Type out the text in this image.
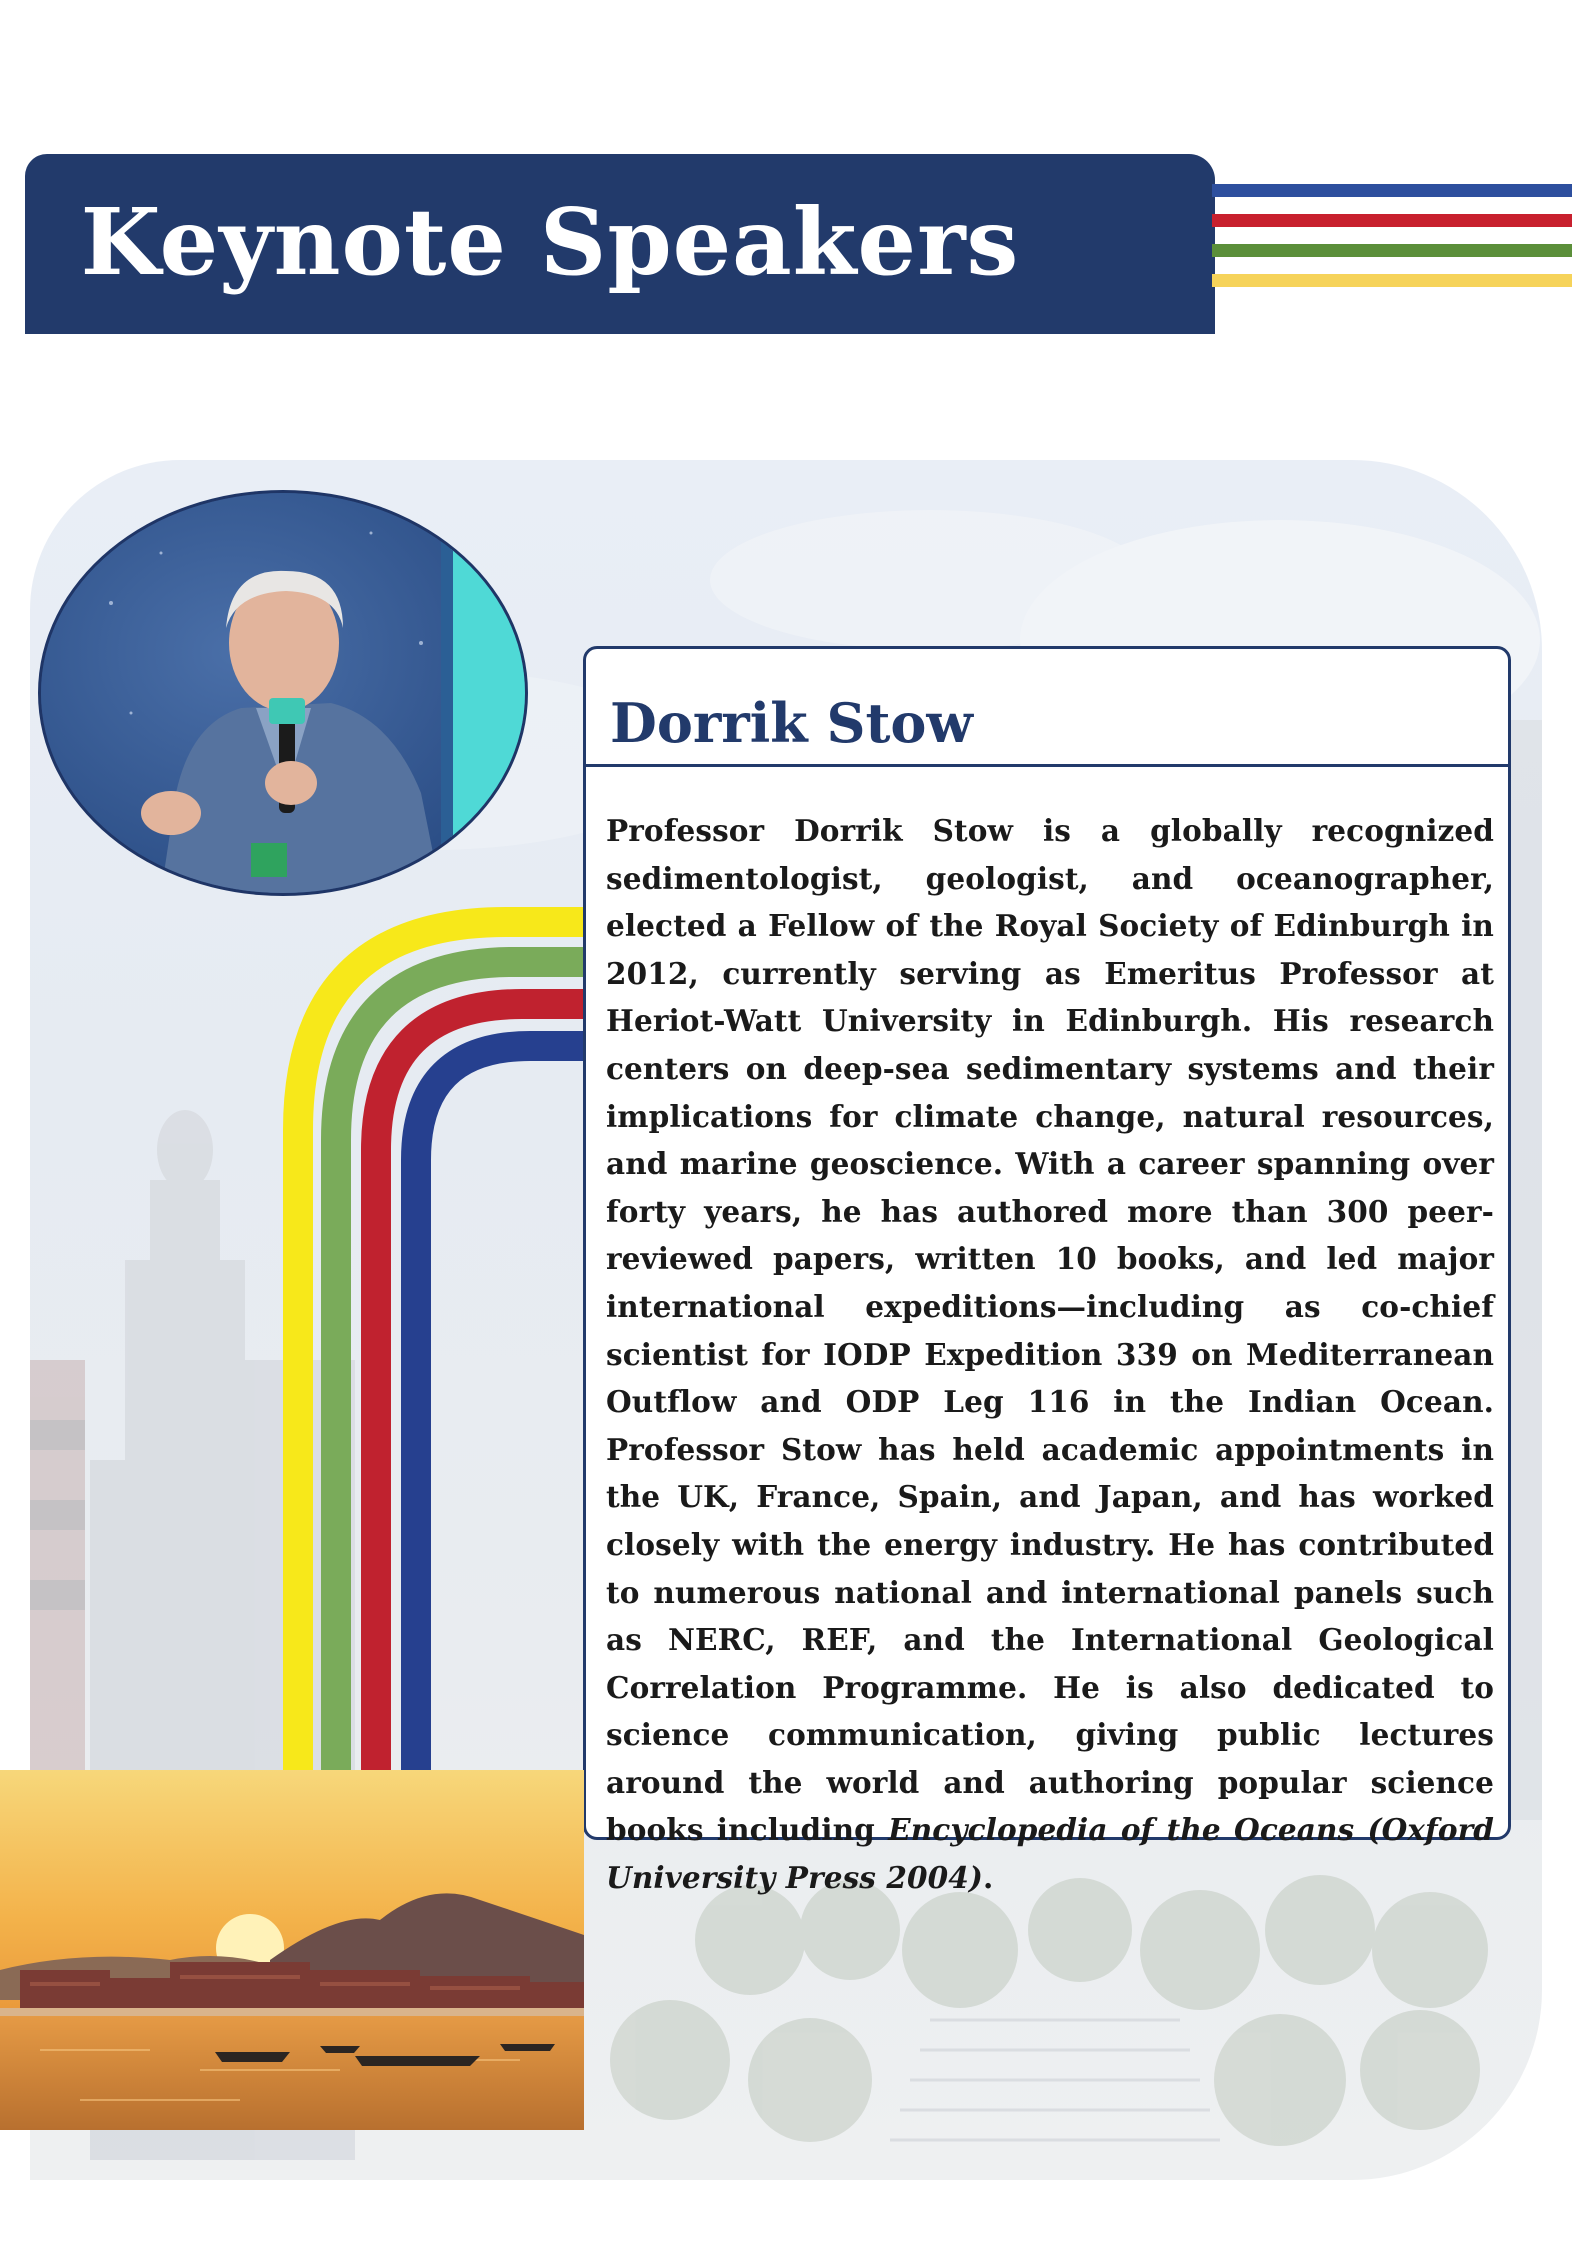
Keynote Speakers
Dorrik Stow
Professor Dorrik Stow is a globally recognized sedimentologist, geologist, and oceanographer, elected a Fellow of the Royal Society of Edinburgh in 2012, currently serving as Emeritus Professor at Heriot-Watt University in Edinburgh. His research centers on deep-sea sedimentary systems and their implications for climate change, natural resources, and marine geoscience. With a career spanning over forty years, he has authored more than 300 peer-reviewed papers, written 10 books, and led major international expeditions—including as co-chief scientist for IODP Expedition 339 on Mediterranean Outflow and ODP Leg 116 in the Indian Ocean. Professor Stow has held academic appointments in the UK, France, Spain, and Japan, and has worked closely with the energy industry. He has contributed to numerous national and international panels such as NERC, REF, and the International Geological Correlation Programme. He is also dedicated to science communication, giving public lectures around the world and authoring popular science books including Encyclopedia of the Oceans (Oxford University Press 2004).
